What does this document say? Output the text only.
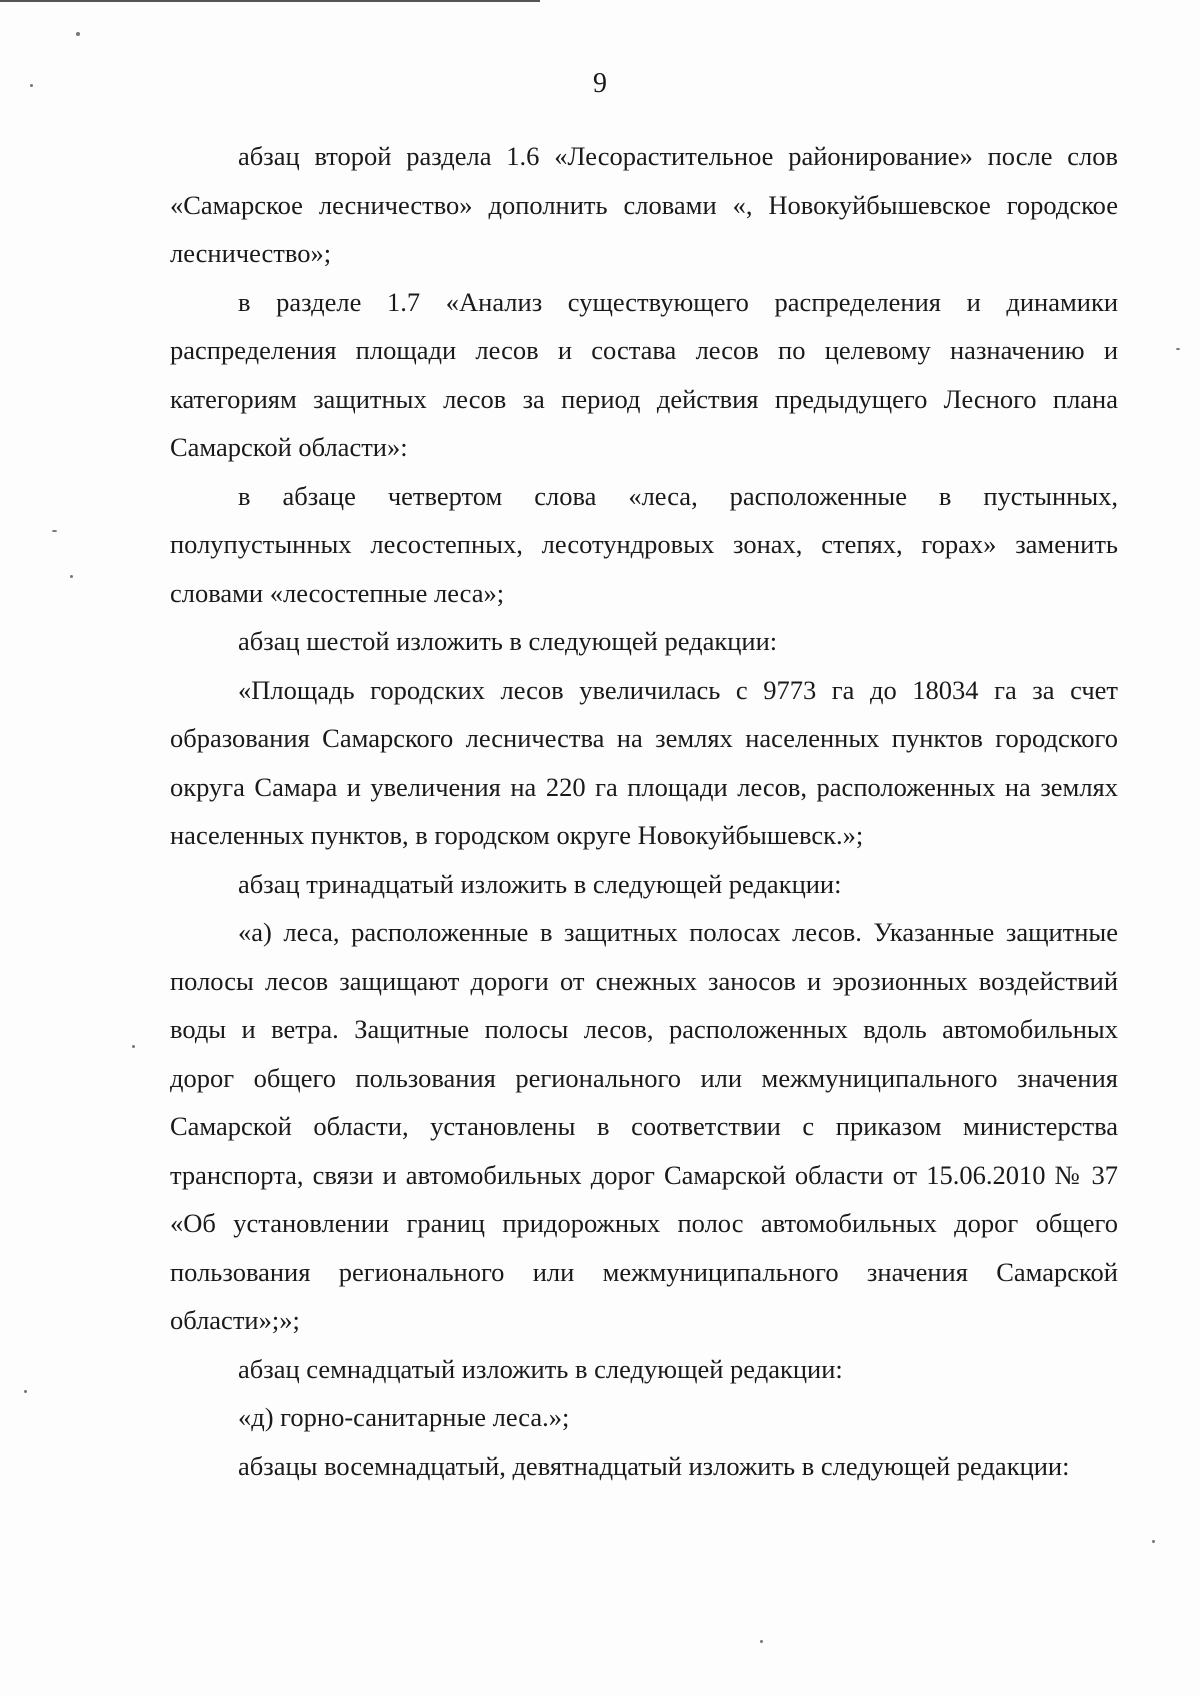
9

абзац второй раздела 1.6 «Лесорастительное районирование» после слов «Самарское лесничество» дополнить словами «, Новокуйбышевское городское лесничество»;

в разделе 1.7 «Анализ существующего распределения и динамики распределения площади лесов и состава лесов по целевому назначению и категориям защитных лесов за период действия предыдущего Лесного плана Самарской области»:

в абзаце четвертом слова «леса, расположенные в пустынных, полупустынных лесостепных, лесотундровых зонах, степях, горах» заменить словами «лесостепные леса»;

абзац шестой изложить в следующей редакции:

«Площадь городских лесов увеличилась с 9773 га до 18034 га за счет образования Самарского лесничества на землях населенных пунктов городского округа Самара и увеличения на 220 га площади лесов, расположенных на землях населенных пунктов, в городском округе Новокуйбышевск.»;

абзац тринадцатый изложить в следующей редакции:

«а) леса, расположенные в защитных полосах лесов. Указанные защитные полосы лесов защищают дороги от снежных заносов и эрозионных воздействий воды и ветра. Защитные полосы лесов, расположенных вдоль автомобильных дорог общего пользования регионального или межмуниципального значения Самарской области, установлены в соответствии с приказом министерства транспорта, связи и автомобильных дорог Самарской области от 15.06.2010 № 37 «Об установлении границ придорожных полос автомобильных дорог общего пользования регионального или межмуниципального значения Самарской области»;»;

абзац семнадцатый изложить в следующей редакции:

«д) горно-санитарные леса.»;

абзацы восемнадцатый, девятнадцатый изложить в следующей редакции:
